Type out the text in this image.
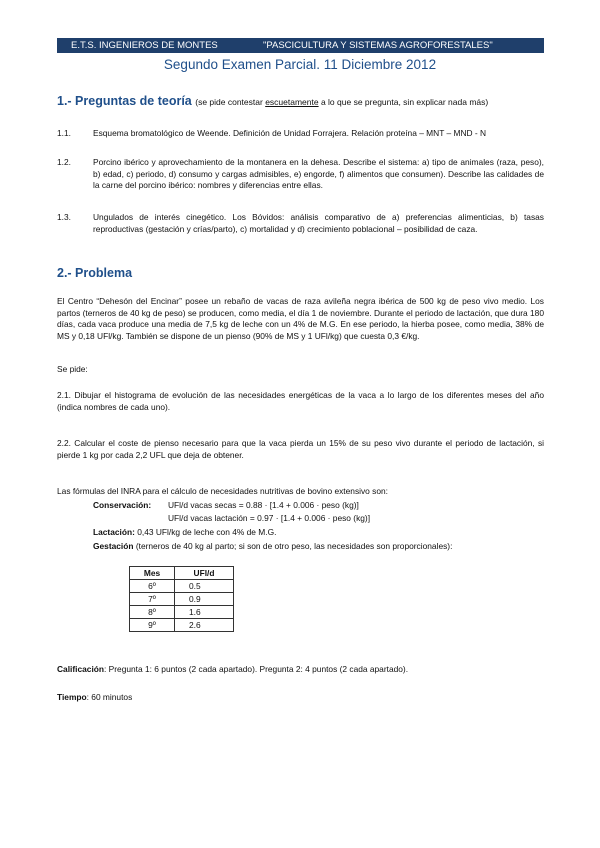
E.T.S. INGENIEROS DE MONTES	"PASCICULTURA Y SISTEMAS AGROFORESTALES"
Segundo Examen Parcial. 11 Diciembre 2012
1.- Preguntas de teoría (se pide contestar escuetamente a lo que se pregunta, sin explicar nada más)
1.1.	Esquema bromatológico de Weende. Definición de Unidad Forrajera. Relación proteína – MNT – MND - N
1.2.	Porcino ibérico y aprovechamiento de la montanera en la dehesa. Describe el sistema: a) tipo de animales (raza, peso), b) edad, c) periodo, d) consumo y cargas admisibles, e) engorde, f) alimentos que consumen). Describe las calidades de la carne del porcino ibérico: nombres y diferencias entre ellas.
1.3.	Ungulados de interés cinegético. Los Bóvidos: análisis comparativo de a) preferencias alimenticias, b) tasas reproductivas (gestación y crías/parto), c) mortalidad y d) crecimiento poblacional – posibilidad de caza.
2.- Problema
El Centro “Dehesón del Encinar” posee un rebaño de vacas de raza avileña negra ibérica de 500 kg de peso vivo medio. Los partos (terneros de 40 kg de peso) se producen, como media, el día 1 de noviembre. Durante el periodo de lactación, que dura 180 días, cada vaca produce una media de 7,5 kg de leche con un 4% de M.G. En ese periodo, la hierba posee, como media, 38% de MS y 0,18 UFl/kg. También se dispone de un pienso (90% de MS y 1 UFl/kg) que cuesta 0,3 €/kg.
Se pide:
2.1. Dibujar el histograma de evolución de las necesidades energéticas de la vaca a lo largo de los diferentes meses del año (indica nombres de cada uno).
2.2. Calcular el coste de pienso necesario para que la vaca pierda un 15% de su peso vivo durante el periodo de lactación, si pierde 1 kg por cada 2,2 UFL que deja de obtener.
Las fórmulas del INRA para el cálculo de necesidades nutritivas de bovino extensivo son:
Conservación: UFl/d vacas secas = 0.88 · [1.4 + 0.006 · peso (kg)]
UFl/d vacas lactación = 0.97 · [1.4 + 0.006 · peso (kg)]
Lactación: 0,43 UFl/kg de leche con 4% de M.G.
Gestación (terneros de 40 kg al parto; si son de otro peso, las necesidades son proporcionales):
Mes	UFl/d
6º	0.5
7º	0.9
8º	1.6
9º	2.6
Calificación: Pregunta 1: 6 puntos (2 cada apartado). Pregunta 2: 4 puntos (2 cada apartado).
Tiempo: 60 minutos
